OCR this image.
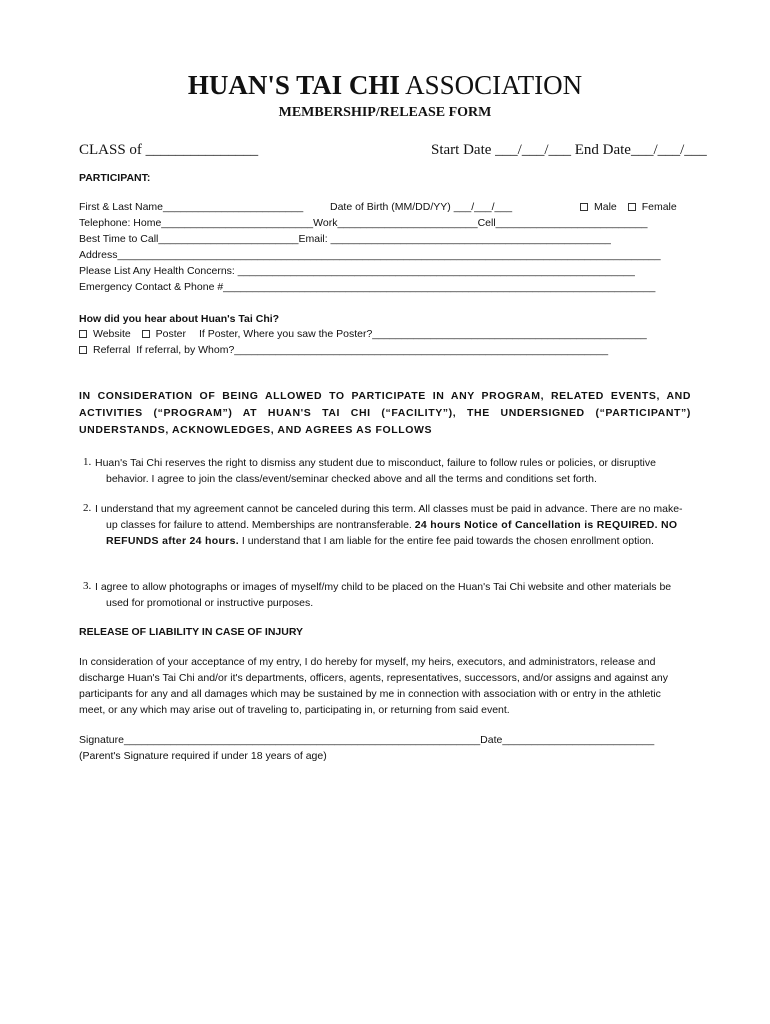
HUAN'S TAI CHI ASSOCIATION
MEMBERSHIP/RELEASE FORM
CLASS of _______________	Start Date ___/___/___ End Date___/___/___
PARTICIPANT:
First & Last Name________________________	Date of Birth (MM/DD/YY) ___/___/___	Male Female
Telephone: Home__________________________Work________________________Cell__________________________
Best Time to Call________________________Email: ________________________________________________
Address_____________________________________________________________________________________________
Please List Any Health Concerns: ____________________________________________________________________
Emergency Contact & Phone #__________________________________________________________________________
How did you hear about Huan's Tai Chi?
Website Poster If Poster, Where you saw the Poster?_______________________________________________
Referral If referral, by Whom?________________________________________________________________
IN CONSIDERATION OF BEING ALLOWED TO PARTICIPATE IN ANY PROGRAM, RELATED EVENTS, AND ACTIVITIES (“PROGRAM”) AT HUAN'S TAI CHI (“FACILITY”), THE UNDERSIGNED (“PARTICIPANT”) UNDERSTANDS, ACKNOWLEDGES, AND AGREES AS FOLLOWS
1. Huan's Tai Chi reserves the right to dismiss any student due to misconduct, failure to follow rules or policies, or disruptive behavior. I agree to join the class/event/seminar checked above and all the terms and conditions set forth.
2. I understand that my agreement cannot be canceled during this term. All classes must be paid in advance. There are no make-up classes for failure to attend. Memberships are nontransferable. 24 hours Notice of Cancellation is REQUIRED. NO REFUNDS after 24 hours. I understand that I am liable for the entire fee paid towards the chosen enrollment option.
3. I agree to allow photographs or images of myself/my child to be placed on the Huan's Tai Chi website and other materials be used for promotional or instructive purposes.
RELEASE OF LIABILITY IN CASE OF INJURY
In consideration of your acceptance of my entry, I do hereby for myself, my heirs, executors, and administrators, release and discharge Huan's Tai Chi and/or it's departments, officers, agents, representatives, successors, and/or assigns and against any participants for any and all damages which may be sustained by me in connection with association with or entry in the athletic meet, or any which may arise out of traveling to, participating in, or returning from said event.
Signature_____________________________________________________________Date__________________________
(Parent's Signature required if under 18 years of age)
